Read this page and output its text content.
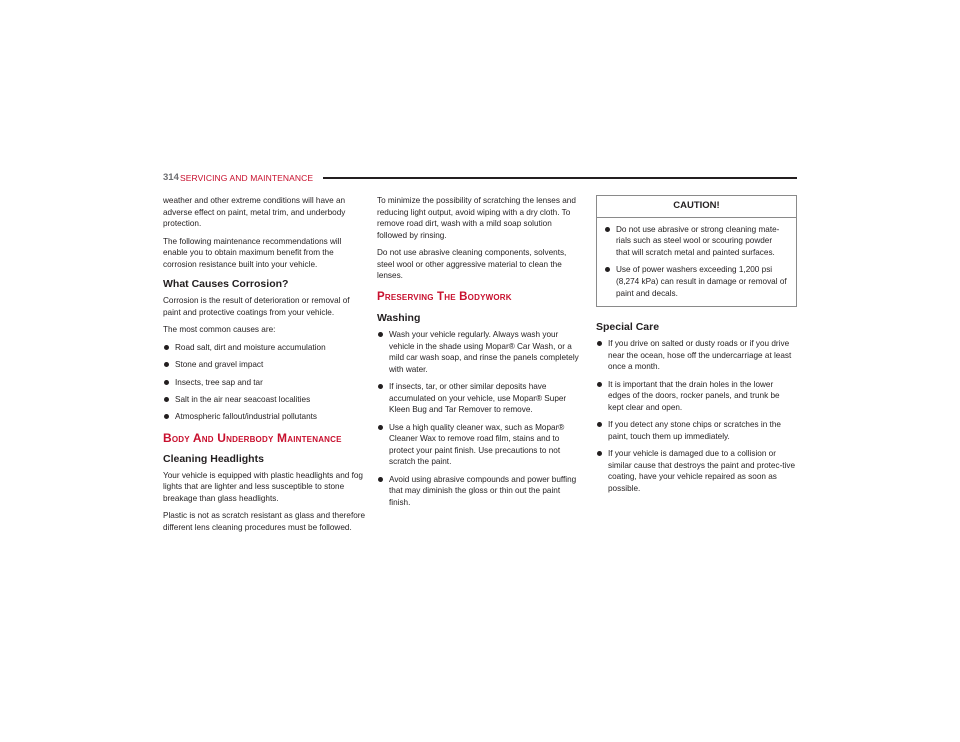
314 SERVICING AND MAINTENANCE

weather and other extreme conditions will have an adverse effect on paint, metal trim, and underbody protection.

The following maintenance recommendations will enable you to obtain maximum benefit from the corrosion resistance built into your vehicle.

What Causes Corrosion?

Corrosion is the result of deterioration or removal of paint and protective coatings from your vehicle.

The most common causes are:

Road salt, dirt and moisture accumulation
Stone and gravel impact
Insects, tree sap and tar
Salt in the air near seacoast localities
Atmospheric fallout/industrial pollutants
Body And Underbody Maintenance
Cleaning Headlights

Your vehicle is equipped with plastic headlights and fog lights that are lighter and less susceptible to stone breakage than glass headlights.

Plastic is not as scratch resistant as glass and therefore different lens cleaning procedures must be followed.

To minimize the possibility of scratching the lenses and reducing light output, avoid wiping with a dry cloth. To remove road dirt, wash with a mild soap solution followed by rinsing.

Do not use abrasive cleaning components, solvents, steel wool or other aggressive material to clean the lenses.

Preserving The Bodywork
Washing
Wash your vehicle regularly. Always wash your vehicle in the shade using Mopar® Car Wash, or a mild car wash soap, and rinse the panels completely with water.
If insects, tar, or other similar deposits have accumulated on your vehicle, use Mopar® Super Kleen Bug and Tar Remover to remove.
Use a high quality cleaner wax, such as Mopar® Cleaner Wax to remove road film, stains and to protect your paint finish. Use precautions to not scratch the paint.
Avoid using abrasive compounds and power buffing that may diminish the gloss or thin out the paint finish.
CAUTION!
Do not use abrasive or strong cleaning mate-rials such as steel wool or scouring powder that will scratch metal and painted surfaces.
Use of power washers exceeding 1,200 psi (8,274 kPa) can result in damage or removal of paint and decals.
Special Care
If you drive on salted or dusty roads or if you drive near the ocean, hose off the undercarriage at least once a month.
It is important that the drain holes in the lower edges of the doors, rocker panels, and trunk be kept clear and open.
If you detect any stone chips or scratches in the paint, touch them up immediately.
If your vehicle is damaged due to a collision or similar cause that destroys the paint and protec-tive coating, have your vehicle repaired as soon as possible.
